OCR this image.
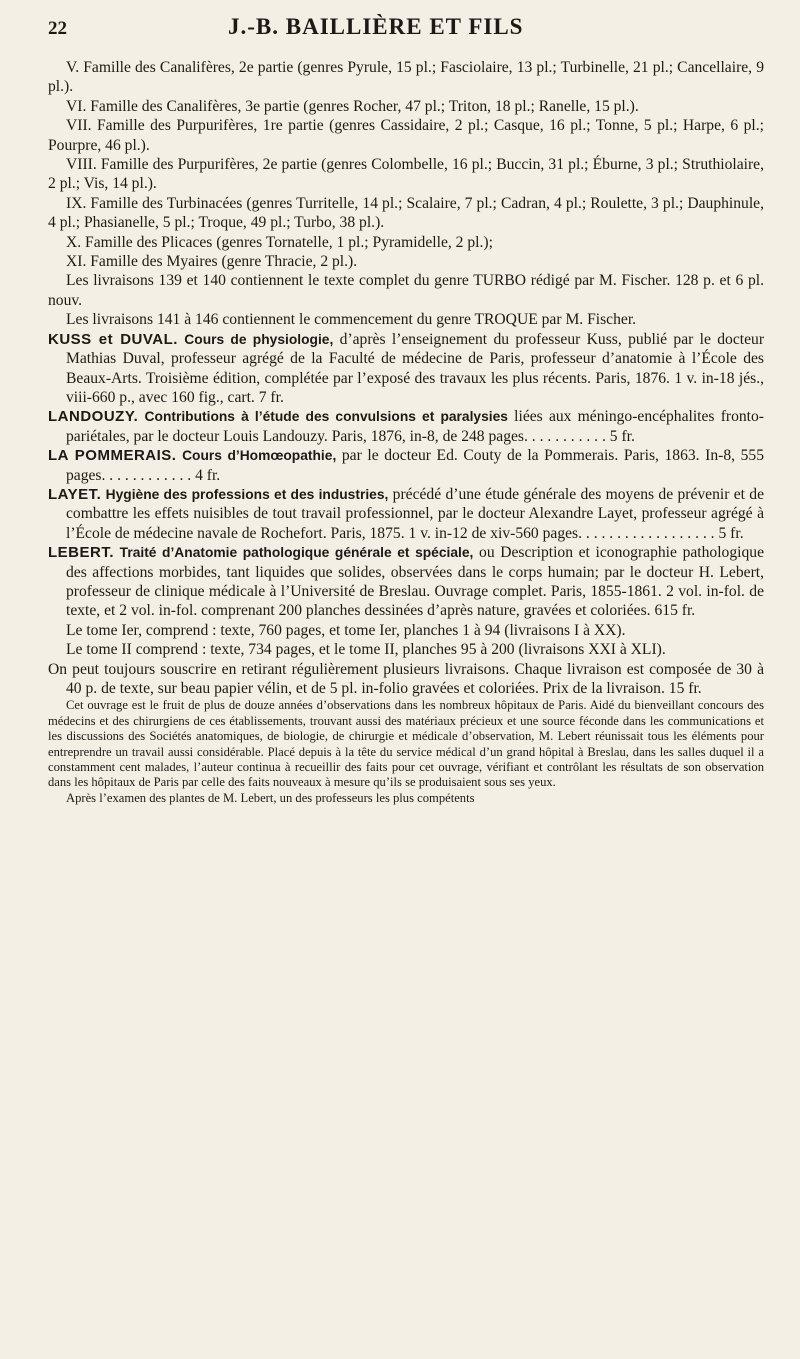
22	J.-B. BAILLIÈRE ET FILS

V. Famille des Canalifères, 2e partie (genres Pyrule, 15 pl.; Fasciolaire, 13 pl.; Turbinelle, 21 pl.; Cancellaire, 9 pl.).

VI. Famille des Canalifères, 3e partie (genres Rocher, 47 pl.; Triton, 18 pl.; Ranelle, 15 pl.).

VII. Famille des Purpurifères, 1re partie (genres Cassidaire, 2 pl.; Casque, 16 pl.; Tonne, 5 pl.; Harpe, 6 pl.; Pourpre, 46 pl.).

VIII. Famille des Purpurifères, 2e partie (genres Colombelle, 16 pl.; Buccin, 31 pl.; Éburne, 3 pl.; Struthiolaire, 2 pl.; Vis, 14 pl.).

IX. Famille des Turbinacées (genres Turritelle, 14 pl.; Scalaire, 7 pl.; Cadran, 4 pl.; Roulette, 3 pl.; Dauphinule, 4 pl.; Phasianelle, 5 pl.; Troque, 49 pl.; Turbo, 38 pl.).

X. Famille des Plicaces (genres Tornatelle, 1 pl.; Pyramidelle, 2 pl.);

XI. Famille des Myaires (genre Thracie, 2 pl.).

Les livraisons 139 et 140 contiennent le texte complet du genre TURBO rédigé par M. Fischer. 128 p. et 6 pl. nouv.

Les livraisons 141 à 146 contiennent le commencement du genre TROQUE par M. Fischer.

KUSS et DUVAL. Cours de physiologie, d’après l’enseignement du professeur Kuss, publié par le docteur Mathias Duval, professeur agrégé de la Faculté de médecine de Paris, professeur d’anatomie à l’École des Beaux-Arts. Troisième édition, complétée par l’exposé des travaux les plus récents. Paris, 1876. 1 v. in-18 jés., viii-660 p., avec 160 fig., cart. 7 fr.

LANDOUZY. Contributions à l’étude des convulsions et paralysies liées aux méningo-encéphalites fronto-pariétales, par le docteur Louis Landouzy. Paris, 1876, in-8, de 248 pages. . . . . . . . . . . 5 fr.

LA POMMERAIS. Cours d’Homœopathie, par le docteur Ed. Couty de la Pommerais. Paris, 1863. In-8, 555 pages. . . . . . . . . . . . 4 fr.

LAYET. Hygiène des professions et des industries, précédé d’une étude générale des moyens de prévenir et de combattre les effets nuisibles de tout travail professionnel, par le docteur Alexandre Layet, professeur agrégé à l’École de médecine navale de Rochefort. Paris, 1875. 1 v. in-12 de xiv-560 pages. . . . . . . . . . . . . . . . . . 5 fr.

LEBERT. Traité d’Anatomie pathologique générale et spéciale, ou Description et iconographie pathologique des affections morbides, tant liquides que solides, observées dans le corps humain; par le docteur H. Lebert, professeur de clinique médicale à l’Université de Breslau. Ouvrage complet. Paris, 1855-1861. 2 vol. in-fol. de texte, et 2 vol. in-fol. comprenant 200 planches dessinées d’après nature, gravées et coloriées. 615 fr.

Le tome Ier, comprend : texte, 760 pages, et tome Ier, planches 1 à 94 (livraisons I à XX).

Le tome II comprend : texte, 734 pages, et le tome II, planches 95 à 200 (livraisons XXI à XLI).

On peut toujours souscrire en retirant régulièrement plusieurs livraisons. Chaque livraison est composée de 30 à 40 p. de texte, sur beau papier vélin, et de 5 pl. in-folio gravées et coloriées. Prix de la livraison. 15 fr.

Cet ouvrage est le fruit de plus de douze années d’observations dans les nombreux hôpitaux de Paris. Aidé du bienveillant concours des médecins et des chirurgiens de ces établissements, trouvant aussi des matériaux précieux et une source féconde dans les communications et les discussions des Sociétés anatomiques, de biologie, de chirurgie et médicale d’observation, M. Lebert réunissait tous les éléments pour entreprendre un travail aussi considérable. Placé depuis à la tête du service médical d’un grand hôpital à Breslau, dans les salles duquel il a constamment cent malades, l’auteur continua à recueillir des faits pour cet ouvrage, vérifiant et contrôlant les résultats de son observation dans les hôpitaux de Paris par celle des faits nouveaux à mesure qu’ils se produisaient sous ses yeux.

Après l’examen des plantes de M. Lebert, un des professeurs les plus compétents
